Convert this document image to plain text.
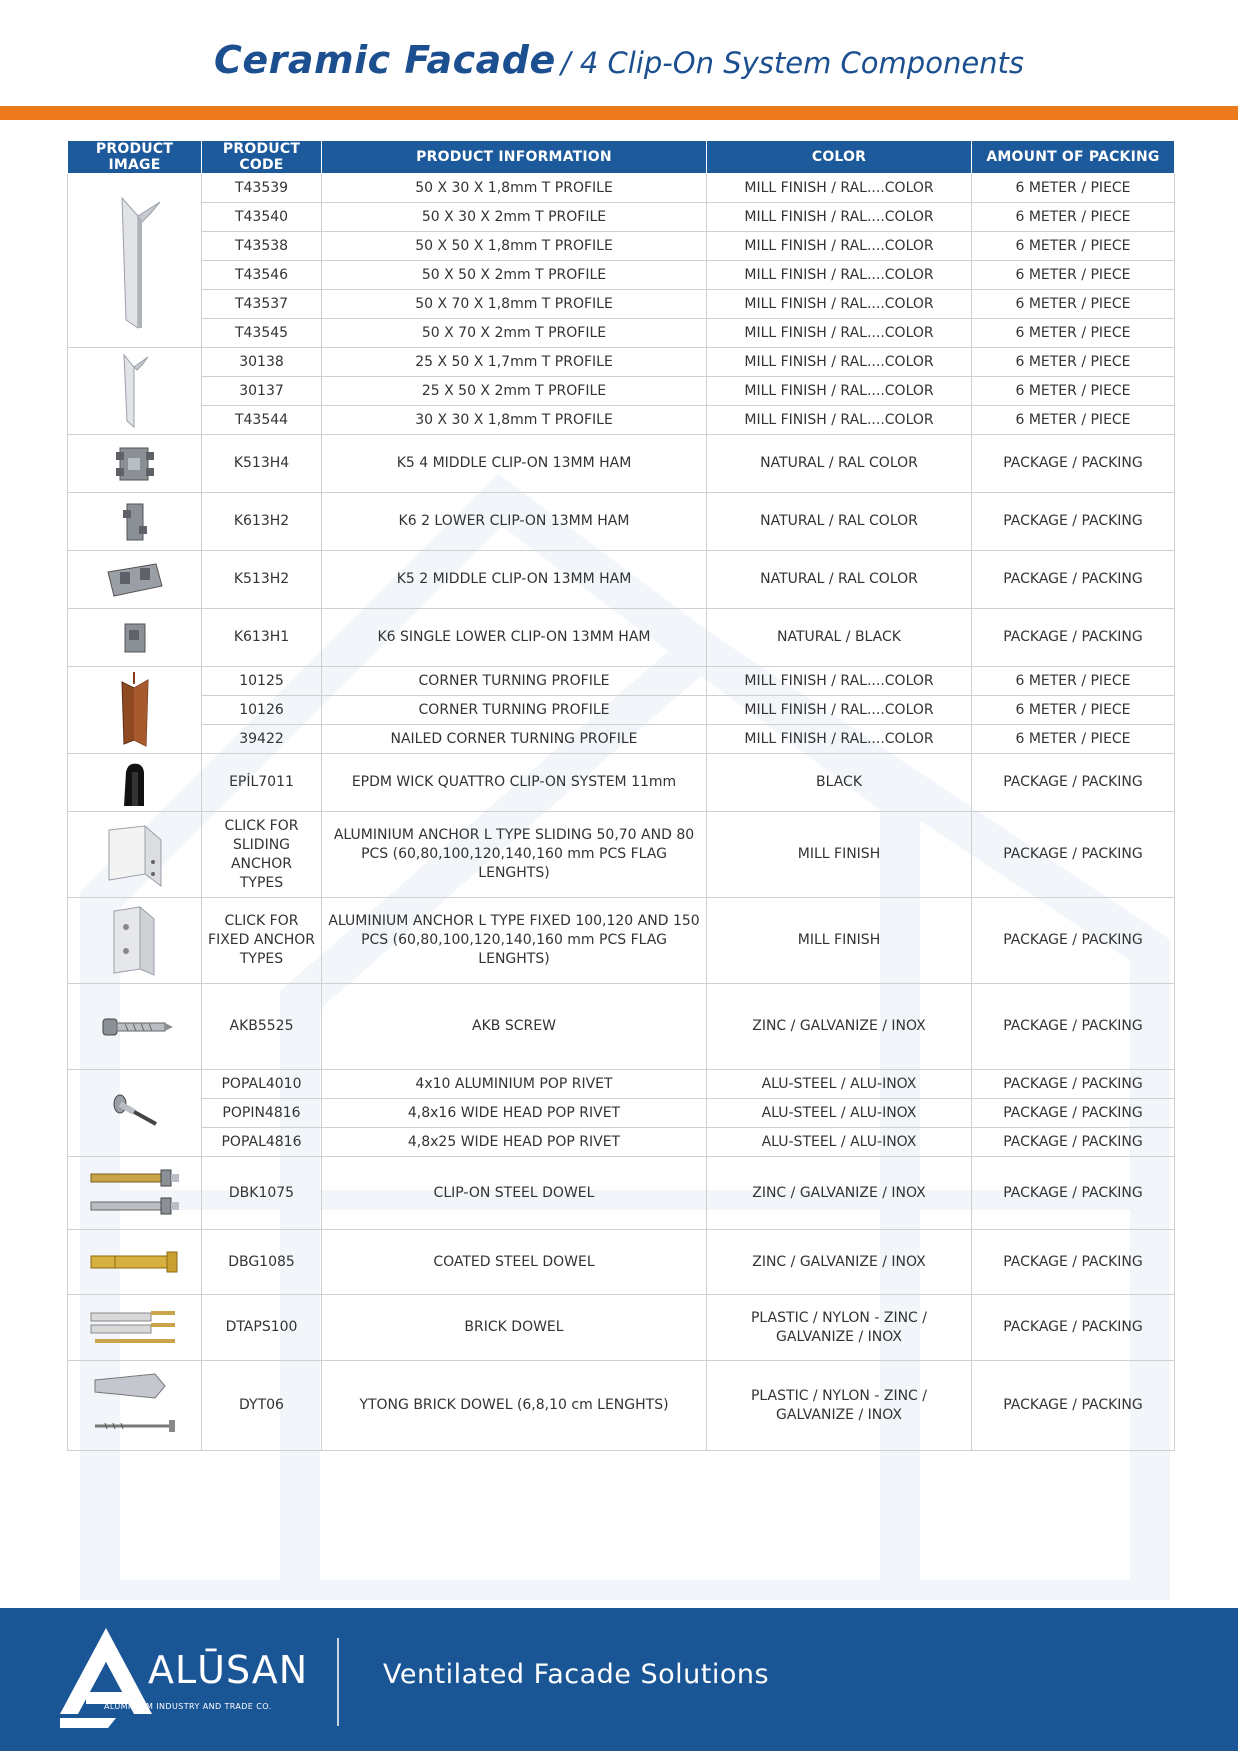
Ceramic Facade / 4 Clip-On System Components
PRODUCT IMAGE	PRODUCT CODE	PRODUCT INFORMATION	COLOR	AMOUNT OF PACKING

	T43539	50 X 30 X 1,8mm T PROFILE	MILL FINISH / RAL....COLOR	6 METER / PIECE
	T43540	50 X 30 X 2mm T PROFILE	MILL FINISH / RAL....COLOR	6 METER / PIECE
	T43538	50 X 50 X 1,8mm T PROFILE	MILL FINISH / RAL....COLOR	6 METER / PIECE
	T43546	50 X 50 X 2mm T PROFILE	MILL FINISH / RAL....COLOR	6 METER / PIECE
	T43537	50 X 70 X 1,8mm T PROFILE	MILL FINISH / RAL....COLOR	6 METER / PIECE
	T43545	50 X 70 X 2mm T PROFILE	MILL FINISH / RAL....COLOR	6 METER / PIECE

	30138	25 X 50 X 1,7mm T PROFILE	MILL FINISH / RAL....COLOR	6 METER / PIECE
	30137	25 X 50 X 2mm T PROFILE	MILL FINISH / RAL....COLOR	6 METER / PIECE
	T43544	30 X 30 X 1,8mm T PROFILE	MILL FINISH / RAL....COLOR	6 METER / PIECE

	K513H4	K5 4 MIDDLE CLIP-ON 13MM HAM	NATURAL / RAL COLOR	PACKAGE / PACKING

	K613H2	K6 2 LOWER CLIP-ON 13MM HAM	NATURAL / RAL COLOR	PACKAGE / PACKING

	K513H2	K5 2 MIDDLE CLIP-ON 13MM HAM	NATURAL / RAL COLOR	PACKAGE / PACKING

	K613H1	K6 SINGLE LOWER CLIP-ON 13MM HAM	NATURAL / BLACK	PACKAGE / PACKING

	10125	CORNER TURNING PROFILE	MILL FINISH / RAL....COLOR	6 METER / PIECE
	10126	CORNER TURNING PROFILE	MILL FINISH / RAL....COLOR	6 METER / PIECE
	39422	NAILED CORNER TURNING PROFILE	MILL FINISH / RAL....COLOR	6 METER / PIECE

	EPİL7011	EPDM WICK QUATTRO CLIP-ON SYSTEM 11mm	BLACK	PACKAGE / PACKING

	CLICK FOR SLIDING ANCHOR TYPES	ALUMINIUM ANCHOR L TYPE SLIDING 50,70 AND 80 PCS (60,80,100,120,140,160 mm PCS FLAG LENGHTS)	MILL FINISH	PACKAGE / PACKING

	CLICK FOR FIXED ANCHOR TYPES	ALUMINIUM ANCHOR L TYPE FIXED 100,120 AND 150 PCS (60,80,100,120,140,160 mm PCS FLAG LENGHTS)	MILL FINISH	PACKAGE / PACKING

	AKB5525	AKB SCREW	ZINC / GALVANIZE / INOX	PACKAGE / PACKING

	POPAL4010	4x10 ALUMINIUM POP RIVET	ALU-STEEL / ALU-INOX	PACKAGE / PACKING
	POPIN4816	4,8x16 WIDE HEAD POP RIVET	ALU-STEEL / ALU-INOX	PACKAGE / PACKING
	POPAL4816	4,8x25 WIDE HEAD POP RIVET	ALU-STEEL / ALU-INOX	PACKAGE / PACKING

	DBK1075	CLIP-ON STEEL DOWEL	ZINC / GALVANIZE / INOX	PACKAGE / PACKING

	DBG1085	COATED STEEL DOWEL	ZINC / GALVANIZE / INOX	PACKAGE / PACKING

	DTAPS100	BRICK DOWEL	PLASTIC / NYLON - ZINC / GALVANIZE / INOX	PACKAGE / PACKING

	DYT06	YTONG BRICK DOWEL (6,8,10 cm LENGHTS)	PLASTIC / NYLON - ZINC / GALVANIZE / INOX	PACKAGE / PACKING
ALŪSAN
ALUMINIUM INDUSTRY AND TRADE CO.
Ventilated Facade Solutions
